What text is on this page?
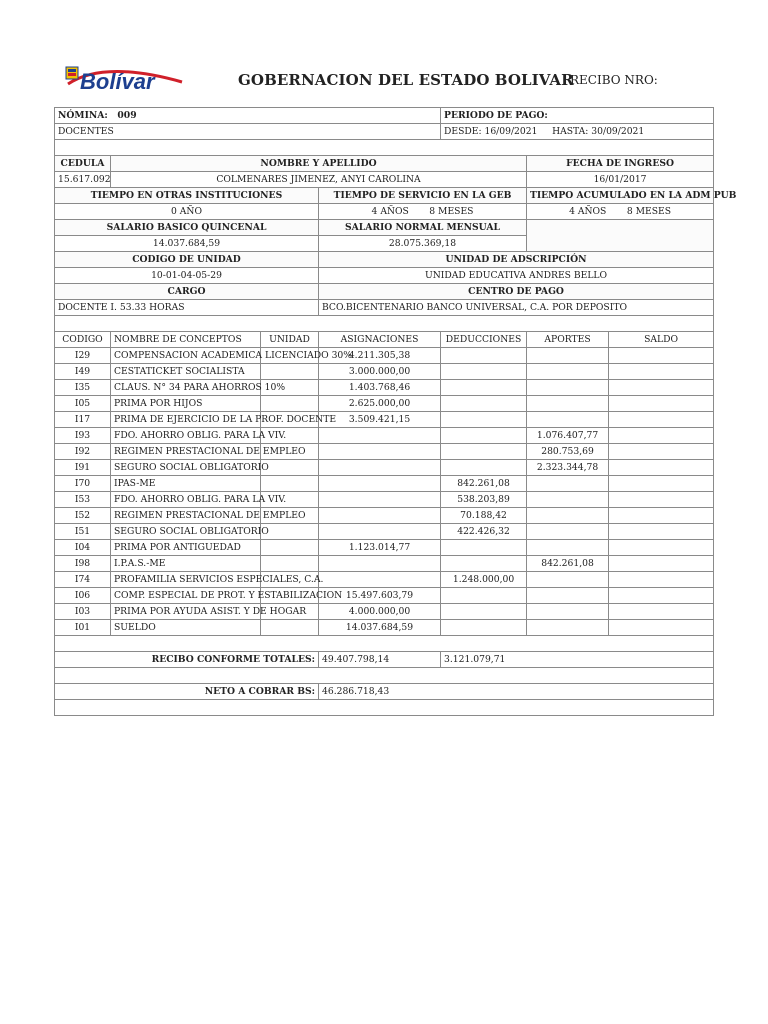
Bolívar	GOBERNACION DEL ESTADO BOLIVAR
RECIBO NRO:
NÓMINA: 009				PERIODO DE PAGO:		
DOCENTES				DESDE: 16/09/2021 HASTA: 30/09/2021		

CEDULA	NOMBRE Y APELLIDO				FECHA DE INGRESO	
15.617.092	COLMENARES JIMENEZ, ANYI CAROLINA				16/01/2017	
TIEMPO EN OTRAS INSTITUCIONES			TIEMPO DE SERVICIO EN LA GEB		TIEMPO ACUMULADO EN LA ADM PUB	
0 AÑO			4 AÑOS 8 MESES		4 AÑOS 8 MESES	
SALARIO BASICO QUINCENAL			SALARIO NORMAL MENSUAL			
14.037.684,59			28.075.369,18			
CODIGO DE UNIDAD			UNIDAD DE ADSCRIPCIÓN			
10-01-04-05-29			UNIDAD EDUCATIVA ANDRES BELLO			
CARGO			CENTRO DE PAGO			
DOCENTE I. 53.33 HORAS			BCO.BICENTENARIO BANCO UNIVERSAL, C.A. POR DEPOSITO			

CODIGO	NOMBRE DE CONCEPTOS	UNIDAD	ASIGNACIONES	DEDUCCIONES	APORTES	SALDO
I29	COMPENSACION ACADEMICA LICENCIADO 30%		4.211.305,38			
I49	CESTATICKET SOCIALISTA		3.000.000,00			
I35	CLAUS. N° 34 PARA AHORROS 10%		1.403.768,46			
I05	PRIMA POR HIJOS		2.625.000,00			
I17	PRIMA DE EJERCICIO DE LA PROF. DOCENTE		3.509.421,15			
I93	FDO. AHORRO OBLIG. PARA LA VIV.				1.076.407,77	
I92	REGIMEN PRESTACIONAL DE EMPLEO				280.753,69	
I91	SEGURO SOCIAL OBLIGATORIO				2.323.344,78	
I70	IPAS-ME			842.261,08		
I53	FDO. AHORRO OBLIG. PARA LA VIV.			538.203,89		
I52	REGIMEN PRESTACIONAL DE EMPLEO			70.188,42		
I51	SEGURO SOCIAL OBLIGATORIO			422.426,32		
I04	PRIMA POR ANTIGUEDAD		1.123.014,77			
I98	I.P.A.S.-ME				842.261,08	
I74	PROFAMILIA SERVICIOS ESPECIALES, C.A.			1.248.000,00		
I06	COMP. ESPECIAL DE PROT. Y ESTABILIZACION		15.497.603,79			
I03	PRIMA POR AYUDA ASIST. Y DE HOGAR		4.000.000,00			
I01	SUELDO		14.037.684,59			

RECIBO CONFORME TOTALES:			49.407.798,14	3.121.079,71		

NETO A COBRAR BS:			46.286.718,43			
